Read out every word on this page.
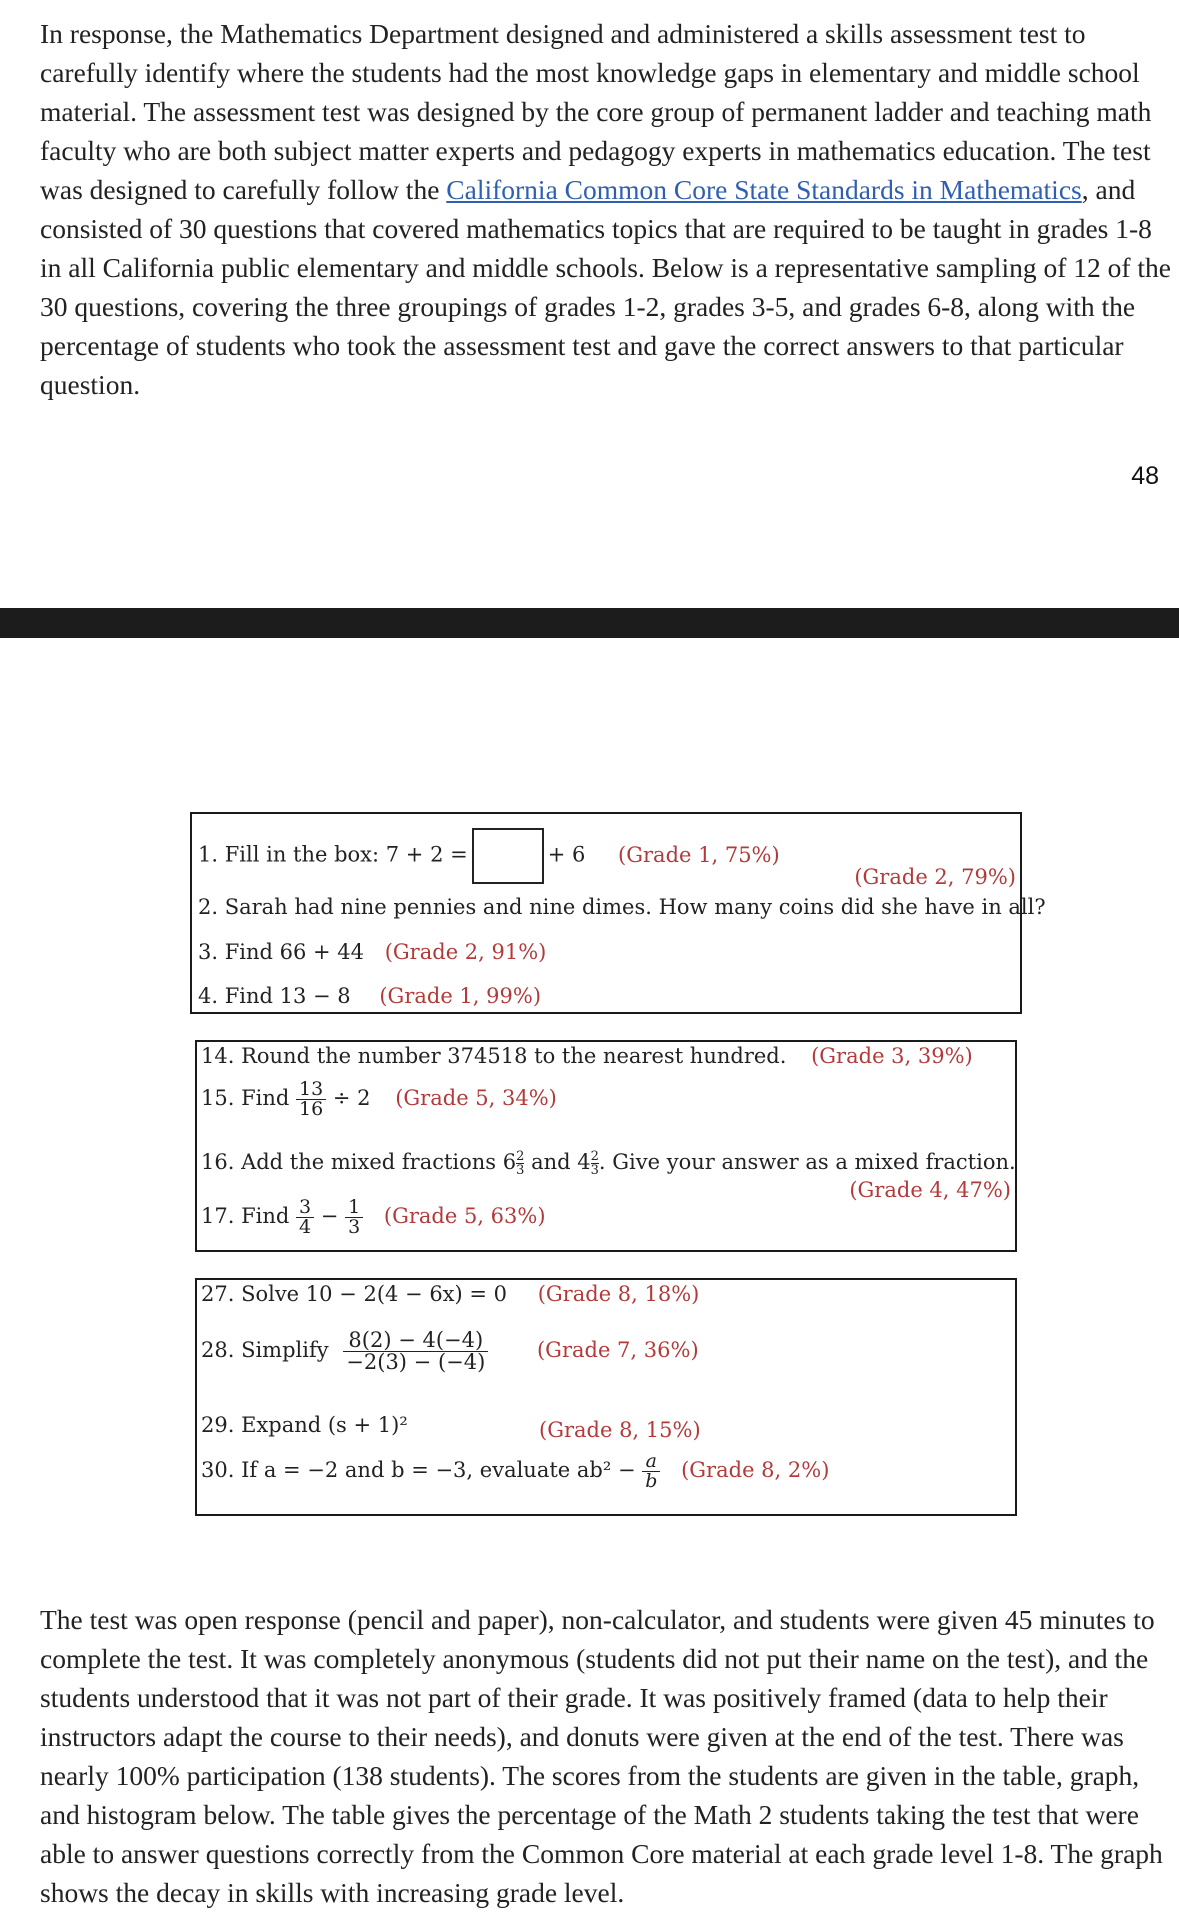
In response, the Mathematics Department designed and administered a skills assessment test to carefully identify where the students had the most knowledge gaps in elementary and middle school material. The assessment test was designed by the core group of permanent ladder and teaching math faculty who are both subject matter experts and pedagogy experts in mathematics education. The test was designed to carefully follow the California Common Core State Standards in Mathematics, and consisted of 30 questions that covered mathematics topics that are required to be taught in grades 1-8 in all California public elementary and middle schools. Below is a representative sampling of 12 of the 30 questions, covering the three groupings of grades 1-2, grades 3-5, and grades 6-8, along with the percentage of students who took the assessment test and gave the correct answers to that particular question.

48
1. Fill in the box: 7 + 2 =	+ 6 (Grade 1, 75%)
(Grade 2, 79%)
2. Sarah had nine pennies and nine dimes. How many coins did she have in all?
3. Find 66 + 44 (Grade 2, 91%)
4. Find 13 − 8 (Grade 1, 99%)
14. Round the number 374518 to the nearest hundred. (Grade 3, 39%)
15. Find $\frac{13}{16} \div 2$ (Grade 5, 34%)
16. Add the mixed fractions $6 \frac{2}{3}$ and $4 \frac{2}{3}$ . Give your answer as a mixed fraction.
(Grade 4, 47%)
17. Find $\frac{3}{4} - \frac{1}{3}$ (Grade 5, 63%)
27. Solve 10 − 2(4 − 6x) = 0 (Grade 8, 18%)
28. Simplify $\frac{8(2) - 4(-4)}{-2(3) - (-4)}$ (Grade 7, 36%)
29. Expand (s + 1)²	(Grade 8, 15%)
30. If a = −2 and b = −3, evaluate $ab^2 - \frac{a}{b}$ (Grade 8, 2%)

The test was open response (pencil and paper), non-calculator, and students were given 45 minutes to complete the test. It was completely anonymous (students did not put their name on the test), and the students understood that it was not part of their grade. It was positively framed (data to help their instructors adapt the course to their needs), and donuts were given at the end of the test. There was nearly 100% participation (138 students). The scores from the students are given in the table, graph, and histogram below. The table gives the percentage of the Math 2 students taking the test that were able to answer questions correctly from the Common Core material at each grade level 1-8. The graph shows the decay in skills with increasing grade level.
